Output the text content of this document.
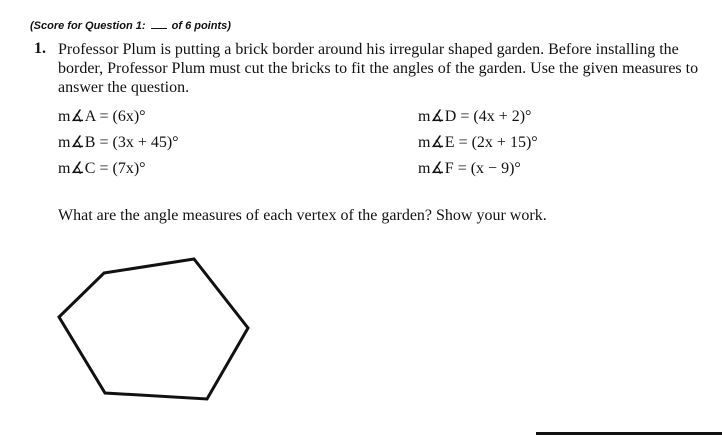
(Score for Question 1:  of 6 points)
1. Professor Plum is putting a brick border around his irregular shaped garden. Before installing the border, Professor Plum must cut the bricks to fit the angles of the garden. Use the given measures to answer the question.
m∡A = (6x)°
m∡B = (3x + 45)°
m∡C = (7x)°
m∡D = (4x + 2)°
m∡E = (2x + 15)°
m∡F = (x − 9)°
What are the angle measures of each vertex of the garden? Show your work.
